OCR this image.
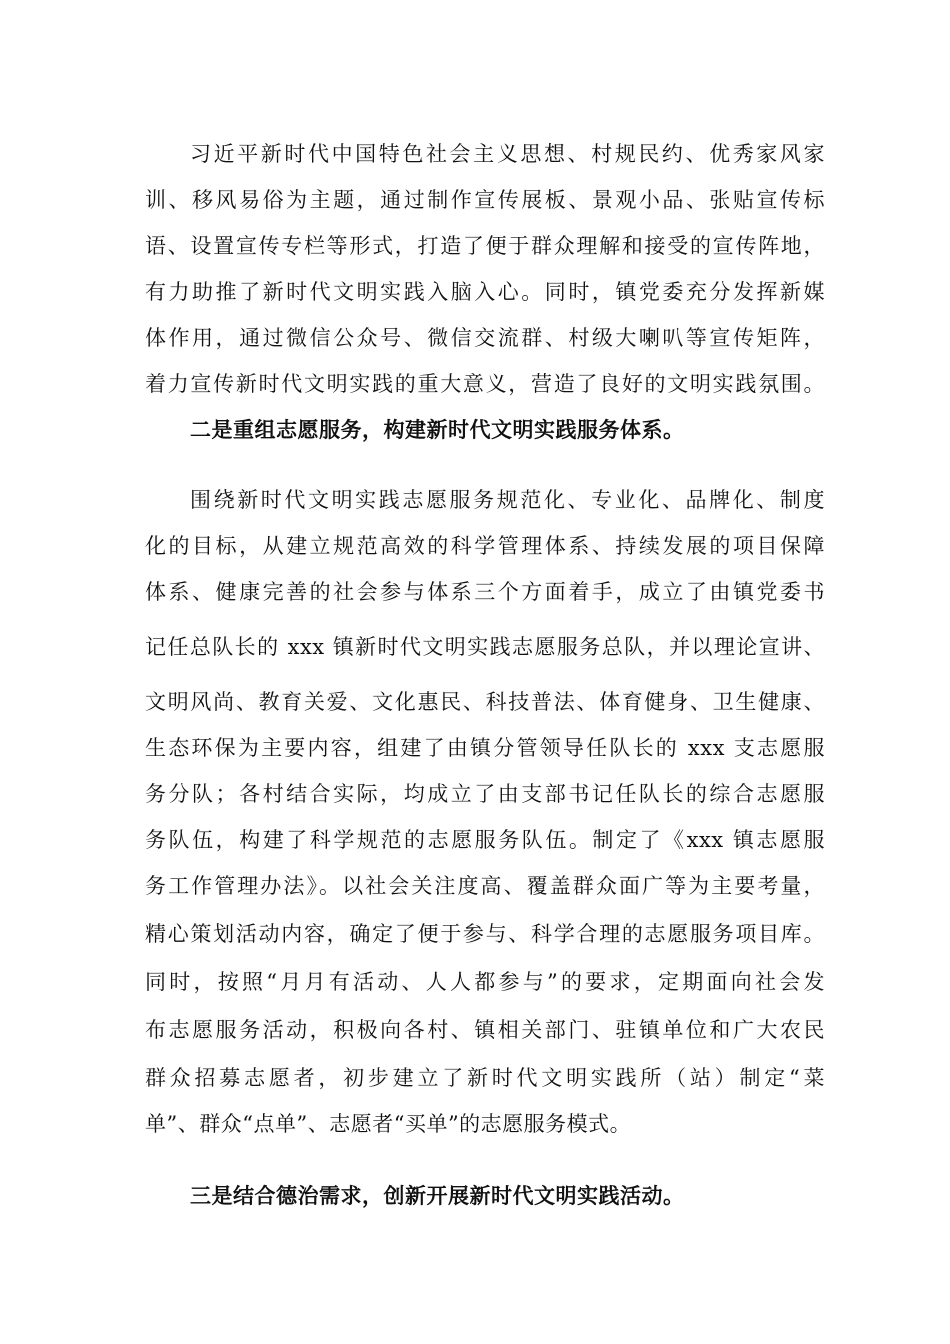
习近平新时代中国特色社会主义思想、村规民约、优秀家风家
训、移风易俗为主题，通过制作宣传展板、景观小品、张贴宣传标
语、设置宣传专栏等形式，打造了便于群众理解和接受的宣传阵地，
有力助推了新时代文明实践入脑入心。同时，镇党委充分发挥新媒
体作用，通过微信公众号、微信交流群、村级大喇叭等宣传矩阵，
着力宣传新时代文明实践的重大意义，营造了良好的文明实践氛围。
二是重组志愿服务，构建新时代文明实践服务体系。
围绕新时代文明实践志愿服务规范化、专业化、品牌化、制度
化的目标，从建立规范高效的科学管理体系、持续发展的项目保障
体系、健康完善的社会参与体系三个方面着手，成立了由镇党委书
记任总队长的 xxx 镇新时代文明实践志愿服务总队，并以理论宣讲、
文明风尚、教育关爱、文化惠民、科技普法、体育健身、卫生健康、
生态环保为主要内容，组建了由镇分管领导任队长的 xxx 支志愿服
务分队；各村结合实际，均成立了由支部书记任队长的综合志愿服
务队伍，构建了科学规范的志愿服务队伍。制定了《xxx 镇志愿服
务工作管理办法》。以社会关注度高、覆盖群众面广等为主要考量，
精心策划活动内容，确定了便于参与、科学合理的志愿服务项目库。
同时，按照“月月有活动、人人都参与”的要求，定期面向社会发
布志愿服务活动，积极向各村、镇相关部门、驻镇单位和广大农民
群众招募志愿者，初步建立了新时代文明实践所（站）制定“菜
单”、群众“点单”、志愿者“买单”的志愿服务模式。
三是结合德治需求，创新开展新时代文明实践活动。
